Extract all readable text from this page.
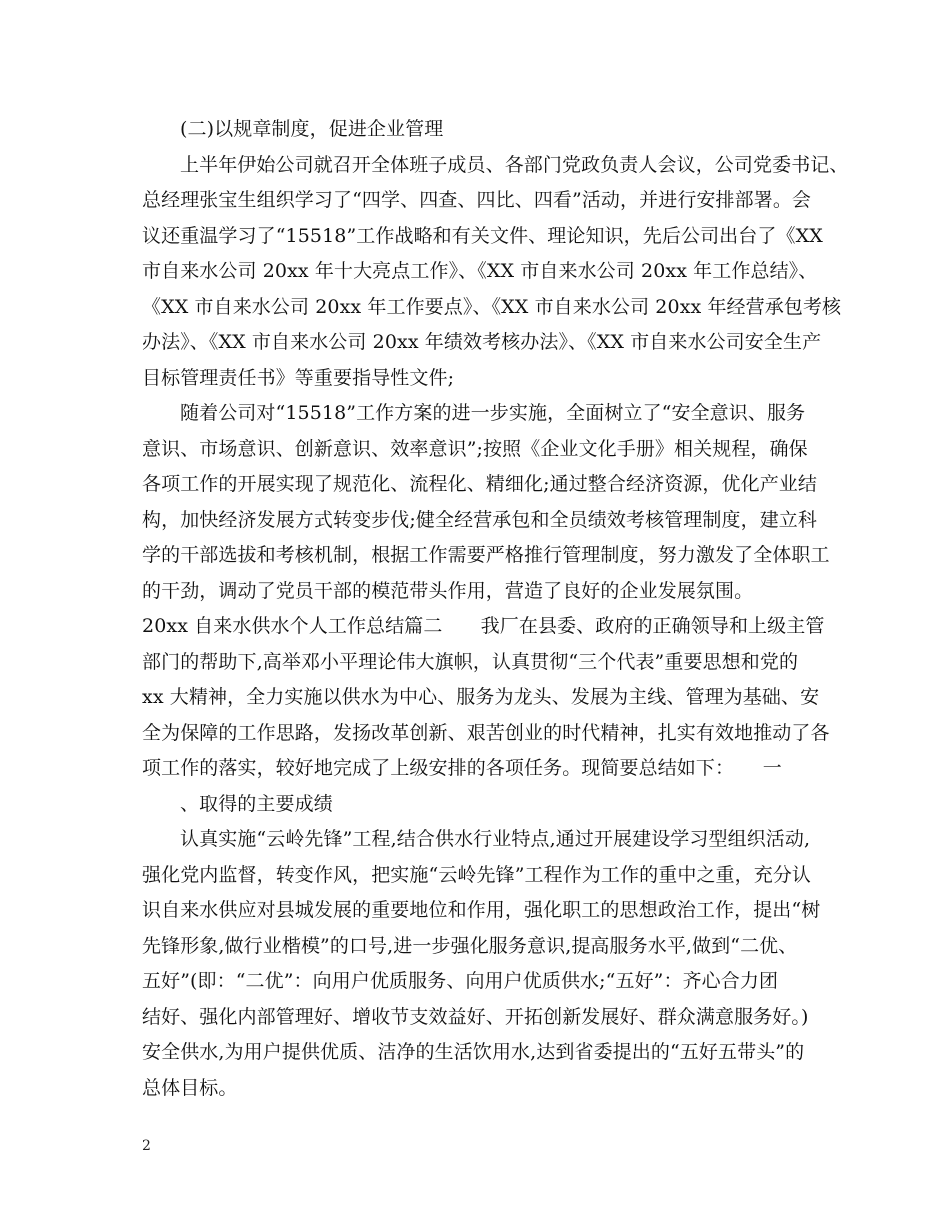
(二)以规章制度，促进企业管理
上半年伊始公司就召开全体班子成员、各部门党政负责人会议，公司党委书记、
总经理张宝生组织学习了“四学、四查、四比、四看”活动，并进行安排部署。会
议还重温学习了“15518”工作战略和有关文件、理论知识，先后公司出台了《XX
市自来水公司 20xx 年十大亮点工作》、《XX 市自来水公司 20xx 年工作总结》、
《XX 市自来水公司 20xx 年工作要点》、《XX 市自来水公司 20xx 年经营承包考核
办法》、《XX 市自来水公司 20xx 年绩效考核办法》、《XX 市自来水公司安全生产
目标管理责任书》等重要指导性文件;
随着公司对“15518”工作方案的进一步实施，全面树立了“安全意识、服务
意识、市场意识、创新意识、效率意识”;按照《企业文化手册》相关规程，确保
各项工作的开展实现了规范化、流程化、精细化;通过整合经济资源，优化产业结
构，加快经济发展方式转变步伐;健全经营承包和全员绩效考核管理制度，建立科
学的干部选拔和考核机制，根据工作需要严格推行管理制度，努力激发了全体职工
的干劲，调动了党员干部的模范带头作用，营造了良好的企业发展氛围。
20xx 自来水供水个人工作总结篇二　　我厂在县委、政府的正确领导和上级主管
部门的帮助下,高举邓小平理论伟大旗帜，认真贯彻“三个代表”重要思想和党的
xx 大精神，全力实施以供水为中心、服务为龙头、发展为主线、管理为基础、安
全为保障的工作思路，发扬改革创新、艰苦创业的时代精神，扎实有效地推动了各
项工作的落实，较好地完成了上级安排的各项任务。现简要总结如下：　　一
、取得的主要成绩
认真实施“云岭先锋”工程,结合供水行业特点,通过开展建设学习型组织活动,
强化党内监督，转变作风，把实施“云岭先锋”工程作为工作的重中之重，充分认
识自来水供应对县城发展的重要地位和作用，强化职工的思想政治工作，提出“树
先锋形象,做行业楷模”的口号,进一步强化服务意识,提高服务水平,做到“二优、
五好”(即：“二优”：向用户优质服务、向用户优质供水;“五好”：齐心合力团
结好、强化内部管理好、增收节支效益好、开拓创新发展好、群众满意服务好。)
安全供水,为用户提供优质、洁净的生活饮用水,达到省委提出的“五好五带头”的
总体目标。
2
